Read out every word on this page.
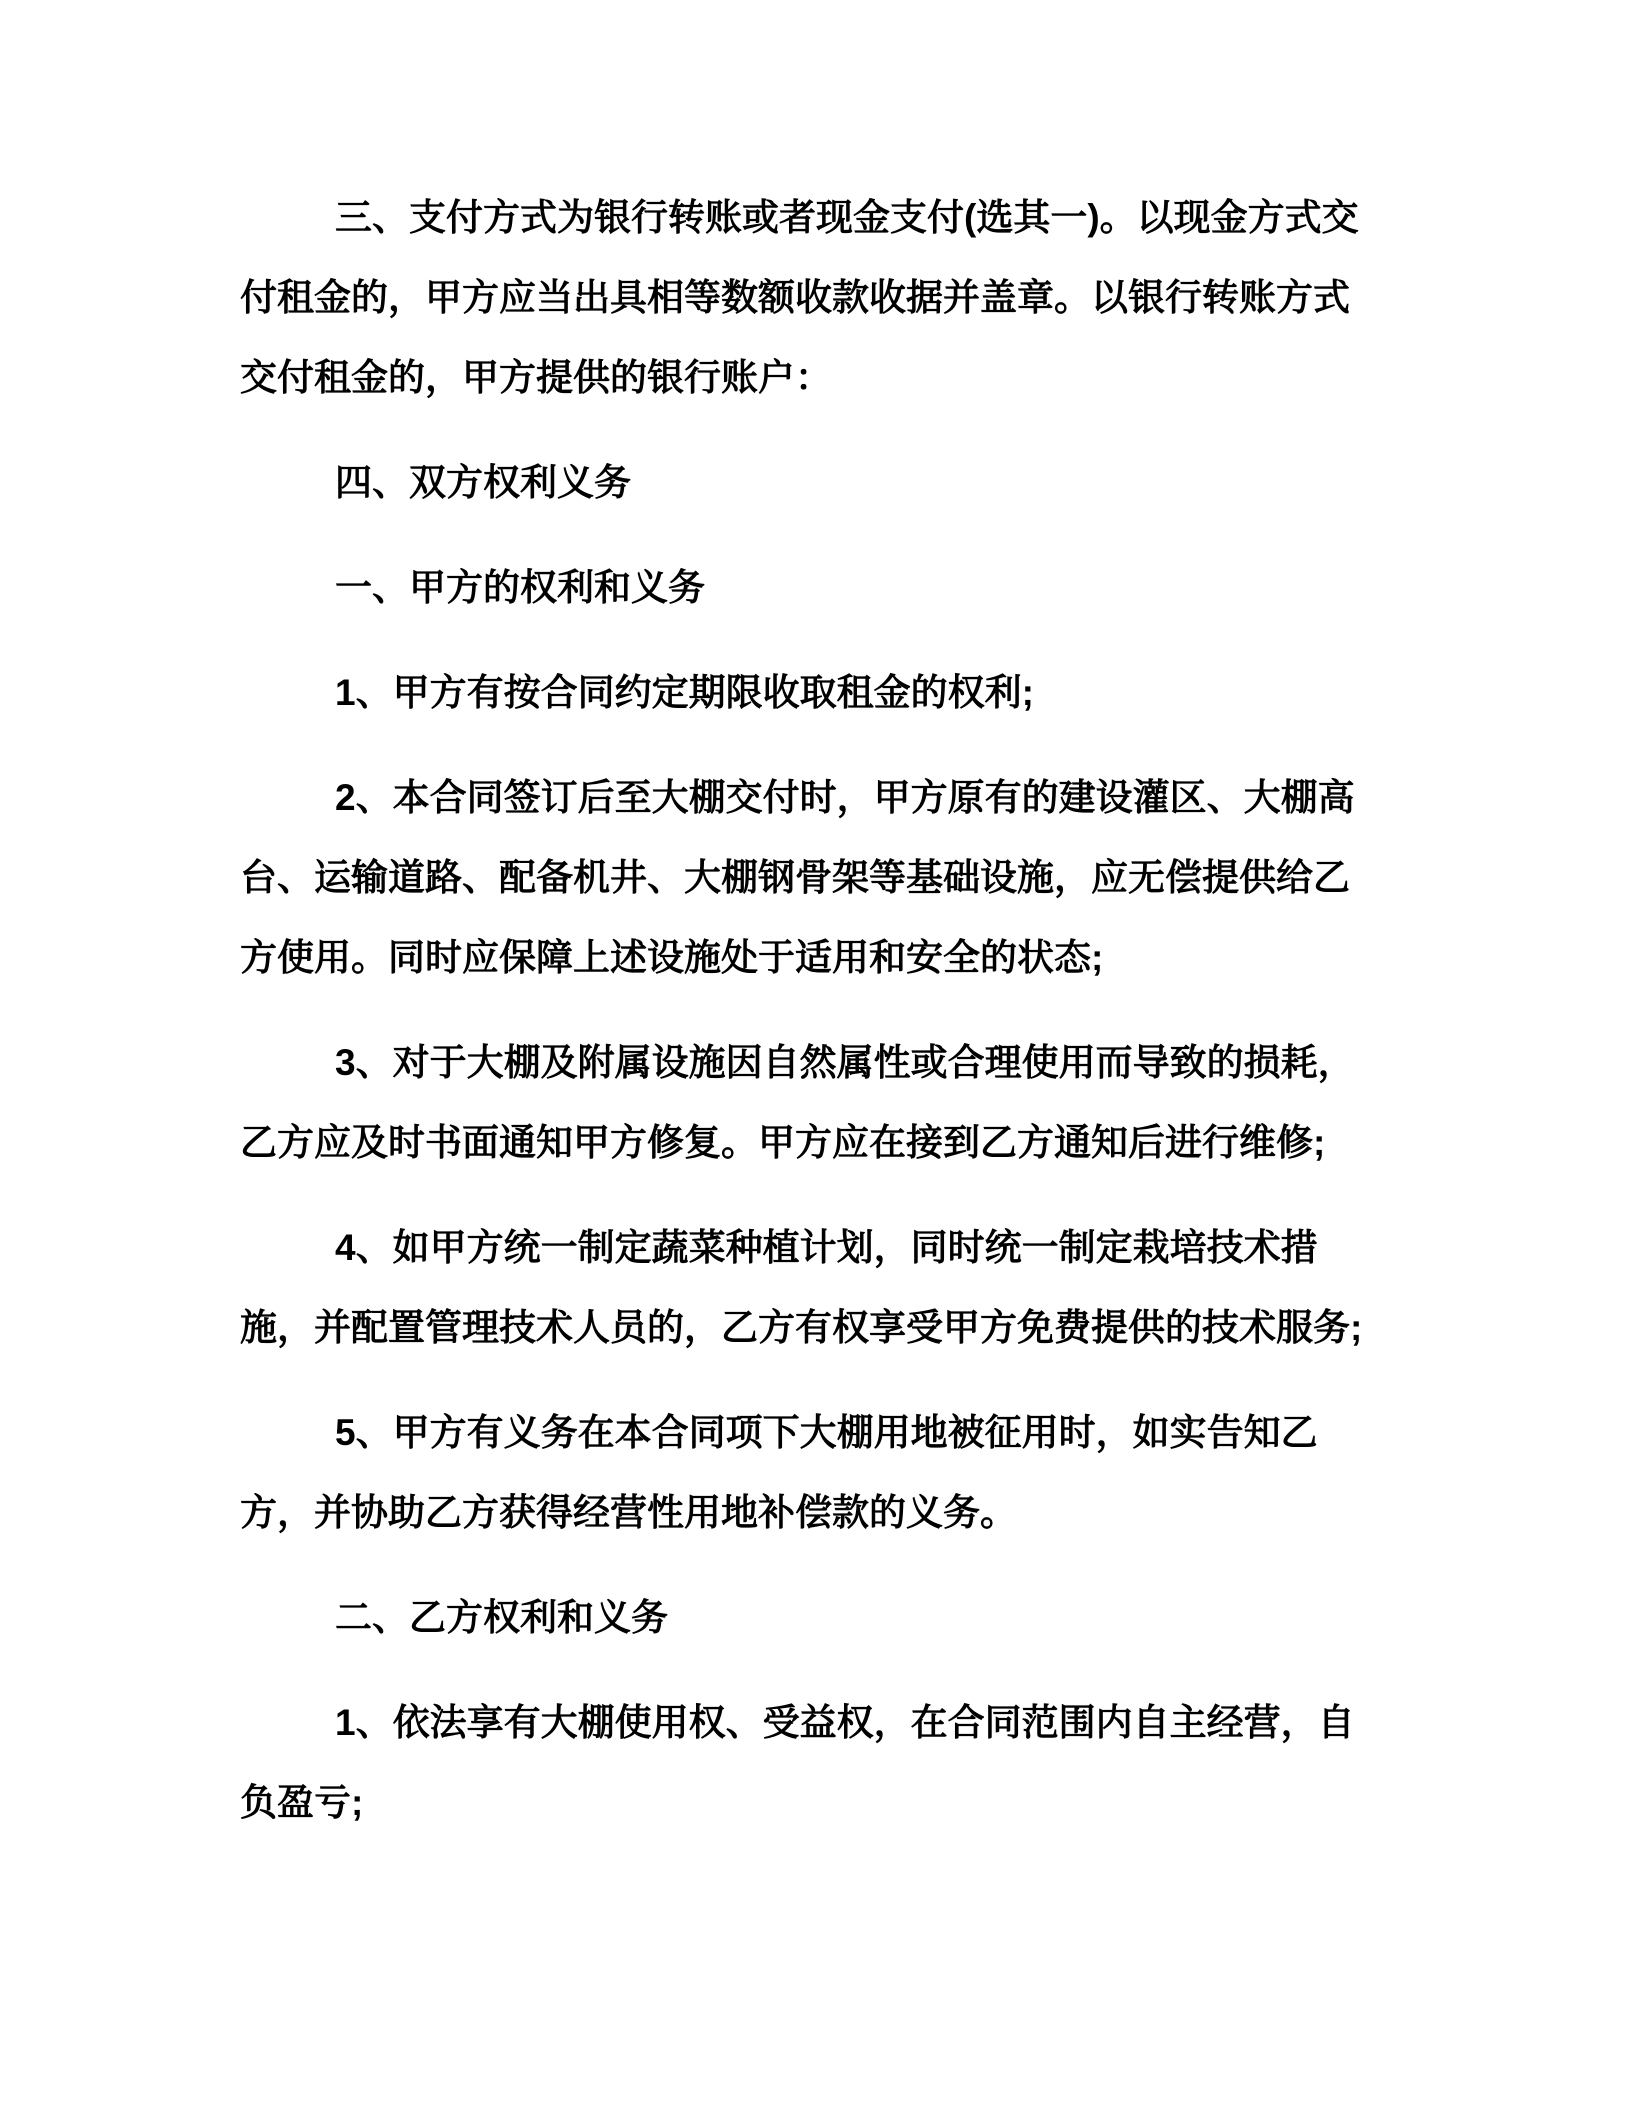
三、支付方式为银行转账或者现金支付(选其一)。以现金方式交付租金的，甲方应当出具相等数额收款收据并盖章。以银行转账方式交付租金的，甲方提供的银行账户：

四、双方权利义务

一、甲方的权利和义务

1、甲方有按合同约定期限收取租金的权利;

2、本合同签订后至大棚交付时，甲方原有的建设灌区、大棚高台、运输道路、配备机井、大棚钢骨架等基础设施，应无偿提供给乙方使用。同时应保障上述设施处于适用和安全的状态;

3、对于大棚及附属设施因自然属性或合理使用而导致的损耗，乙方应及时书面通知甲方修复。甲方应在接到乙方通知后进行维修;

4、如甲方统一制定蔬菜种植计划，同时统一制定栽培技术措施，并配置管理技术人员的，乙方有权享受甲方免费提供的技术服务;

5、甲方有义务在本合同项下大棚用地被征用时，如实告知乙方，并协助乙方获得经营性用地补偿款的义务。

二、乙方权利和义务

1、依法享有大棚使用权、受益权，在合同范围内自主经营，自负盈亏;
